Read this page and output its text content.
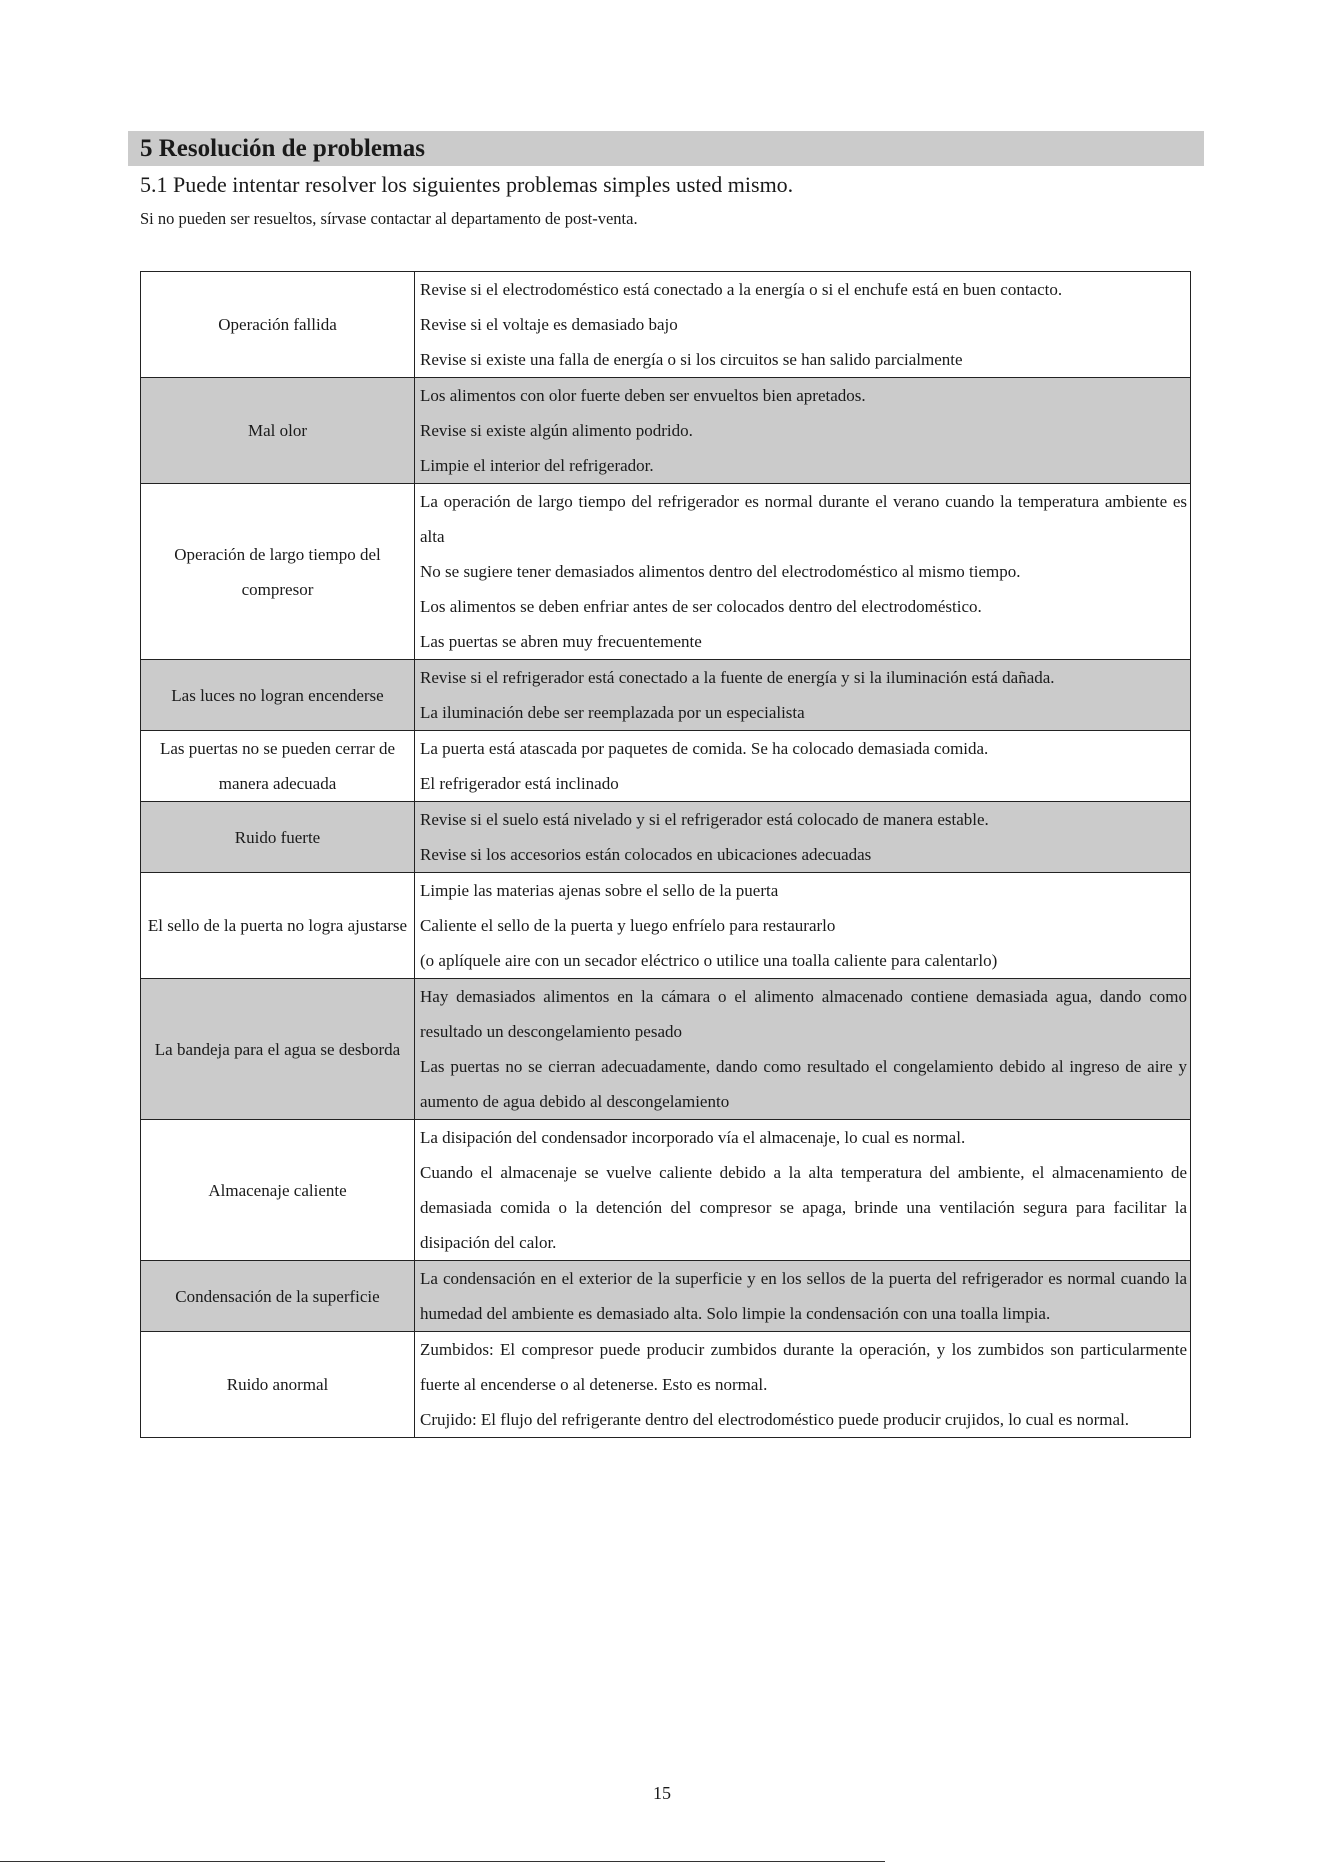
5 Resolución de problemas
5.1 Puede intentar resolver los siguientes problemas simples usted mismo.
Si no pueden ser resueltos, sírvase contactar al departamento de post-venta.
Operación fallida	Revise si el electrodoméstico está conectado a la energía o si el enchufe está en buen contacto.
Revise si el voltaje es demasiado bajo
Revise si existe una falla de energía o si los circuitos se han salido parcialmente

Mal olor	Los alimentos con olor fuerte deben ser envueltos bien apretados.
Revise si existe algún alimento podrido.
Limpie el interior del refrigerador.

Operación de largo tiempo del compresor	La operación de largo tiempo del refrigerador es normal durante el verano cuando la temperatura ambiente es alta
No se sugiere tener demasiados alimentos dentro del electrodoméstico al mismo tiempo.
Los alimentos se deben enfriar antes de ser colocados dentro del electrodoméstico.
Las puertas se abren muy frecuentemente

Las luces no logran encenderse	Revise si el refrigerador está conectado a la fuente de energía y si la iluminación está dañada.
La iluminación debe ser reemplazada por un especialista

Las puertas no se pueden cerrar de manera adecuada	La puerta está atascada por paquetes de comida. Se ha colocado demasiada comida.
El refrigerador está inclinado

Ruido fuerte	Revise si el suelo está nivelado y si el refrigerador está colocado de manera estable.
Revise si los accesorios están colocados en ubicaciones adecuadas

El sello de la puerta no logra ajustarse	Limpie las materias ajenas sobre el sello de la puerta
Caliente el sello de la puerta y luego enfríelo para restaurarlo
(o aplíquele aire con un secador eléctrico o utilice una toalla caliente para calentarlo)

La bandeja para el agua se desborda	Hay demasiados alimentos en la cámara o el alimento almacenado contiene demasiada agua, dando como resultado un descongelamiento pesado
Las puertas no se cierran adecuadamente, dando como resultado el congelamiento debido al ingreso de aire y aumento de agua debido al descongelamiento

Almacenaje caliente	La disipación del condensador incorporado vía el almacenaje, lo cual es normal.
Cuando el almacenaje se vuelve caliente debido a la alta temperatura del ambiente, el almacenamiento de demasiada comida o la detención del compresor se apaga, brinde una ventilación segura para facilitar la disipación del calor.

Condensación de la superficie	La condensación en el exterior de la superficie y en los sellos de la puerta del refrigerador es normal cuando la humedad del ambiente es demasiado alta. Solo limpie la condensación con una toalla limpia.

Ruido anormal	Zumbidos: El compresor puede producir zumbidos durante la operación, y los zumbidos son particularmente fuerte al encenderse o al detenerse. Esto es normal.
Crujido: El flujo del refrigerante dentro del electrodoméstico puede producir crujidos, lo cual es normal.
15
